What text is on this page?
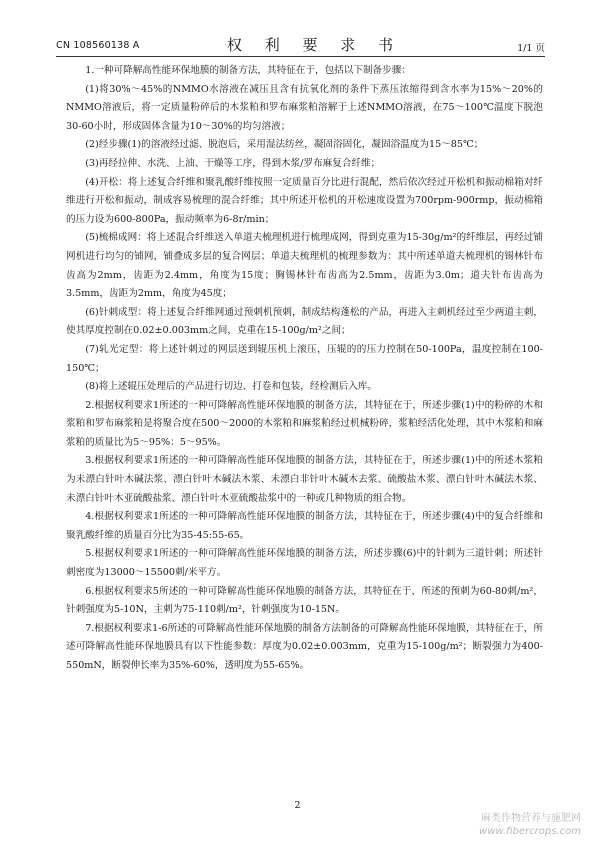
CN 108560138 A	权 利 要 求 书	1/1 页

1.一种可降解高性能环保地膜的制备方法，其特征在于，包括以下制备步骤：

(1)将30%～45%的NMMO水溶液在减压且含有抗氧化剂的条件下蒸压浓缩得到含水率为15%～20%的NMMO溶液后，将一定质量粉碎后的木浆粕和罗布麻浆粕溶解于上述NMMO溶液，在75～100℃温度下脱泡30-60小时，形成固体含量为10～30%的均匀溶液；

(2)经步骤(1)的溶液经过滤、脱泡后，采用湿法纺丝，凝固浴固化，凝固浴温度为15～85℃；

(3)再经拉伸、水洗、上油、干燥等工序，得到木浆/罗布麻复合纤维；

(4)开松：将上述复合纤维和聚乳酸纤维按照一定质量百分比进行混配，然后依次经过开松机和振动棉箱对纤维进行开松和振动，制成容易梳理的混合纤维；其中所述开松机的开松速度设置为700rpm-900rmp，振动棉箱的压力设为600-800Pa，振动频率为6-8r/min；

(5)梳棉成网：将上述混合纤维送入单道夫梳理机进行梳理成网，得到克重为15-30g/m²的纤维层，再经过铺网机进行均匀的铺网，铺叠成多层的复合网层；单道夫梳理机的梳理参数为：其中所述单道夫梳理机的锡林针布齿高为2mm，齿距为2.4mm，角度为15度；胸锡林针布齿高为2.5mm，齿距为3.0m；道夫针布齿高为3.5mm，齿距为2mm，角度为45度；

(6)针刺成型：将上述复合纤维网通过预刺机预刺，制成结构蓬松的产品，再进入主刺机经过至少两道主刺，使其厚度控制在0.02±0.003mm之间，克重在15-100g/m²之间；

(7)轧光定型：将上述针刺过的网层送到辊压机上滚压，压辊的的压力控制在50-100Pa，温度控制在100-150℃；

(8)将上述辊压处理后的产品进行切边、打卷和包装，经检测后入库。

2.根据权利要求1所述的一种可降解高性能环保地膜的制备方法，其特征在于，所述步骤(1)中的粉碎的木和浆粕和罗布麻浆粕是将聚合度在500～2000的木浆粕和麻浆粕经过机械粉碎，浆粕经活化处理，其中木浆粕和麻浆粕的质量比为5～95%：5～95%。

3.根据权利要求1所述的一种可降解高性能环保地膜的制备方法，其特征在于，所述步骤(1)中的所述木浆粕为未漂白针叶木碱法浆、漂白针叶木碱法木浆、未漂白非针叶木碱木去浆、硫酸盐木浆、漂白针叶木碱法木浆、未漂白针叶木亚硫酸盐浆、漂白针叶木亚硫酸盐浆中的一种或几种物质的组合物。

4.根据权利要求1所述的一种可降解高性能环保地膜的制备方法，其特征在于，所述步骤(4)中的复合纤维和聚乳酸纤维的质量百分比为35-45:55-65。

5.根据权利要求1所述的一种可降解高性能环保地膜的制备方法，所述步骤(6)中的针刺为三道针刺；所述针刺密度为13000～15500刺/米平方。

6.根据权利要求5所述的一种可降解高性能环保地膜的制备方法，其特征在于，所述的预刺为60-80刺/m²，针刺强度为5-10N，主刺为75-110刺/m²，针刺强度为10-15N。

7.根据权利要求1-6所述的可降解高性能环保地膜的制备方法制备的可降解高性能环保地膜，其特征在于，所述可降解高性能环保地膜具有以下性能参数：厚度为0.02±0.003mm，克重为15-100g/m²；断裂强力为400-550mN，断裂伸长率为35%-60%，透明度为55-65%。

2
麻类作物营养与施肥网
www.fibercrops.com
